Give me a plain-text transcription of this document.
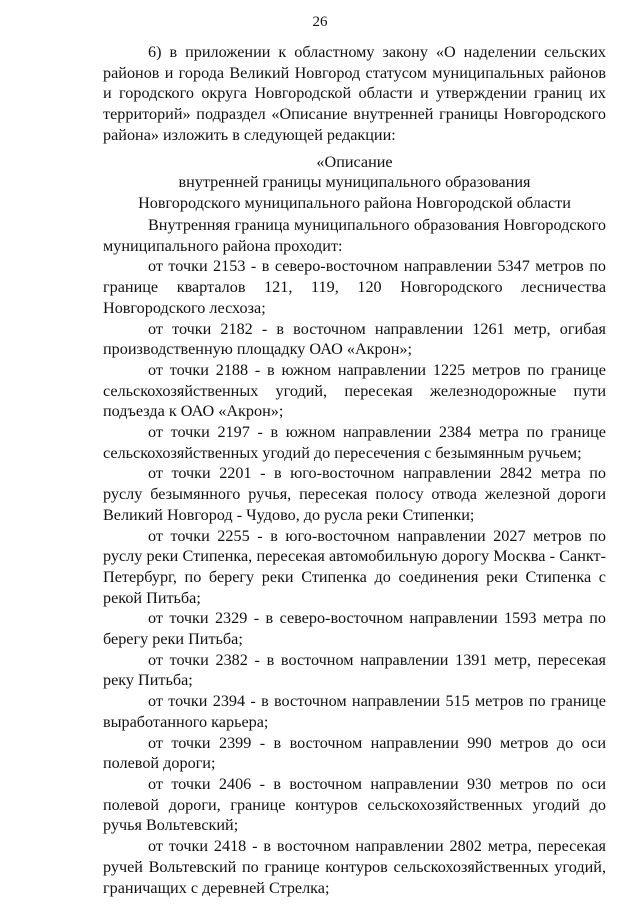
26

6) в приложении к областному закону «О наделении сельских районов и города Великий Новгород статусом муниципальных районов и городского округа Новгородской области и утверждении границ их территорий» подраздел «Описание внутренней границы Новгородского района» изложить в следующей редакции:

«Описание
внутренней границы муниципального образования
Новгородского муниципального района Новгородской области

Внутренняя граница муниципального образования Новгородского муниципального района проходит:

от точки 2153 - в северо-восточном направлении 5347 метров по границе кварталов 121, 119, 120 Новгородского лесничества Новгородского лесхоза;

от точки 2182 - в восточном направлении 1261 метр, огибая производственную площадку ОАО «Акрон»;

от точки 2188 - в южном направлении 1225 метров по границе сельскохозяйственных угодий, пересекая железнодорожные пути подъезда к ОАО «Акрон»;

от точки 2197 - в южном направлении 2384 метра по границе сельскохозяйственных угодий до пересечения с безымянным ручьем;

от точки 2201 - в юго-восточном направлении 2842 метра по руслу безымянного ручья, пересекая полосу отвода железной дороги Великий Новгород - Чудово, до русла реки Стипенки;

от точки 2255 - в юго-восточном направлении 2027 метров по руслу реки Стипенка, пересекая автомобильную дорогу Москва - Санкт-Петербург, по берегу реки Стипенка до соединения реки Стипенка с рекой Питьба;

от точки 2329 - в северо-восточном направлении 1593 метра по берегу реки Питьба;

от точки 2382 - в восточном направлении 1391 метр, пересекая реку Питьба;

от точки 2394 - в восточном направлении 515 метров по границе выработанного карьера;

от точки 2399 - в восточном направлении 990 метров до оси полевой дороги;

от точки 2406 - в восточном направлении 930 метров по оси полевой дороги, границе контуров сельскохозяйственных угодий до ручья Вольтевский;

от точки 2418 - в восточном направлении 2802 метра, пересекая ручей Вольтевский по границе контуров сельскохозяйственных угодий, граничащих с деревней Стрелка;
